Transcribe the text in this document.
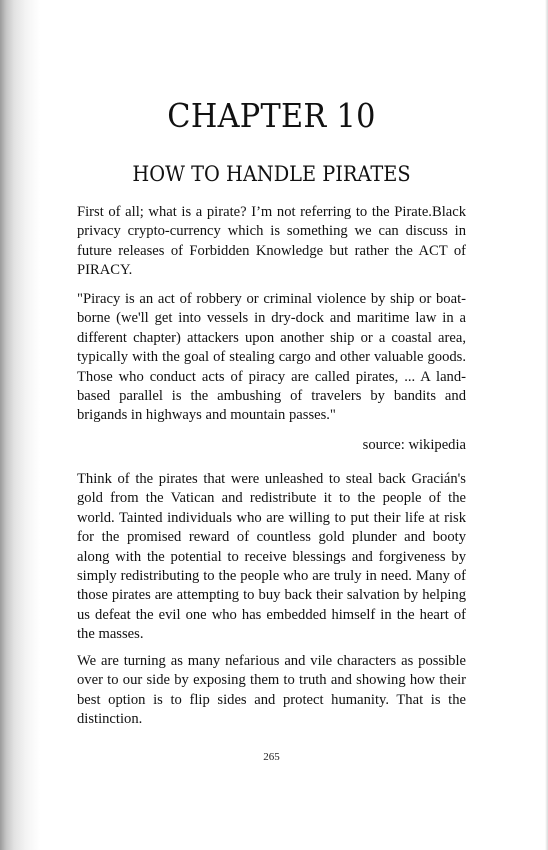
CHAPTER 10
HOW TO HANDLE PIRATES

First of all; what is a pirate? I’m not referring to the Pirate.Black privacy crypto-currency which is something we can discuss in future releases of Forbidden Knowledge but rather the ACT of PIRACY.

"Piracy is an act of robbery or criminal violence by ship or boat-borne (we'll get into vessels in dry-dock and maritime law in a different chapter) attackers upon another ship or a coastal area, typically with the goal of stealing cargo and other valuable goods. Those who conduct acts of piracy are called pirates, ... A land-based parallel is the ambushing of travelers by bandits and brigands in highways and mountain passes."

source: wikipedia

Think of the pirates that were unleashed to steal back Gracián's gold from the Vatican and redistribute it to the people of the world. Tainted individuals who are willing to put their life at risk for the promised reward of countless gold plunder and booty along with the potential to receive blessings and forgiveness by simply redistributing to the people who are truly in need. Many of those pirates are attempting to buy back their salvation by helping us defeat the evil one who has embedded himself in the heart of the masses.

We are turning as many nefarious and vile characters as possible over to our side by exposing them to truth and showing how their best option is to flip sides and protect humanity. That is the distinction.

265
